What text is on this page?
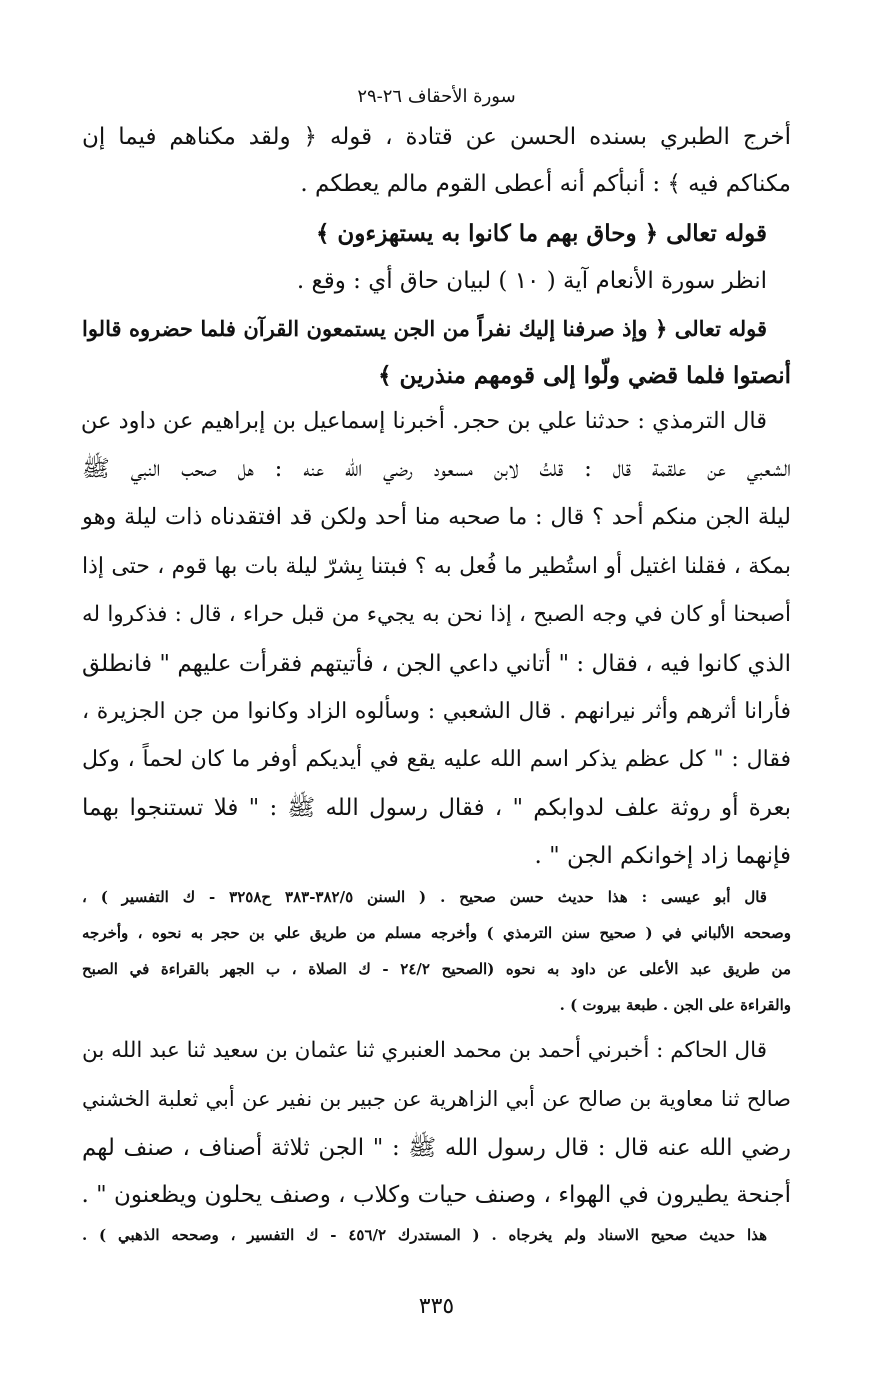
سورة الأحقاف ٢٦-٢٩
أخرج الطبري بسنده الحسن عن قتادة ، قوله ﴿ ولقد مكناهم فيما إن
مكناكم فيه ﴾ : أنبأكم أنه أعطى القوم مالم يعطكم .
قوله تعالى ﴿ وحاق بهم ما كانوا به يستهزءون ﴾
انظر سورة الأنعام آية ( ١٠ ) لبيان حاق أي : وقع .
قوله تعالى ﴿ وإذ صرفنا إليك نفراً من الجن يستمعون القرآن فلما حضروه قالوا
أنصتوا فلما قضي ولّوا إلى قومهم منذرين ﴾
قال الترمذي : حدثنا علي بن حجر. أخبرنا إسماعيل بن إبراهيم عن داود عن
الشعبي عن علقمة قال : قلتُ لابن مسعود رضي الله عنه : هل صحب النبي ﷺ
ليلة الجن منكم أحد ؟ قال : ما صحبه منا أحد ولكن قد افتقدناه ذات ليلة وهو
بمكة ، فقلنا اغتيل أو استُطير ما فُعل به ؟ فبتنا بِشرّ ليلة بات بها قوم ، حتى إذا
أصبحنا أو كان في وجه الصبح ، إذا نحن به يجيء من قبل حراء ، قال : فذكروا له
الذي كانوا فيه ، فقال : " أتاني داعي الجن ، فأتيتهم فقرأت عليهم " فانطلق
فأرانا أثرهم وأثر نيرانهم . قال الشعبي : وسألوه الزاد وكانوا من جن الجزيرة ،
فقال : " كل عظم يذكر اسم الله عليه يقع في أيديكم أوفر ما كان لحماً ، وكل
بعرة أو روثة علف لدوابكم " ، فقال رسول الله ﷺ : " فلا تستنجوا بهما
فإنهما زاد إخوانكم الجن " .
قال أبو عيسى : هذا حديث حسن صحيح . ( السنن ٣٨٢/٥-٣٨٣ ح٣٢٥٨ - ك التفسير ) ،
وصححه الألباني في ( صحيح سنن الترمذي ) وأخرجه مسلم من طريق علي بن حجر به نحوه ، وأخرجه
من طريق عبد الأعلى عن داود به نحوه (الصحيح ٢٤/٢ - ك الصلاة ، ب الجهر بالقراءة في الصبح
والقراءة على الجن . طبعة بيروت ) .
قال الحاكم : أخبرني أحمد بن محمد العنبري ثنا عثمان بن سعيد ثنا عبد الله بن
صالح ثنا معاوية بن صالح عن أبي الزاهرية عن جبير بن نفير عن أبي ثعلبة الخشني
رضي الله عنه قال : قال رسول الله ﷺ : " الجن ثلاثة أصناف ، صنف لهم
أجنحة يطيرون في الهواء ، وصنف حيات وكلاب ، وصنف يحلون ويظعنون " .
هذا حديث صحيح الاسناد ولم يخرجاه . ( المستدرك ٤٥٦/٢ - ك التفسير ، وصححه الذهبي ) .
٣٣٥
